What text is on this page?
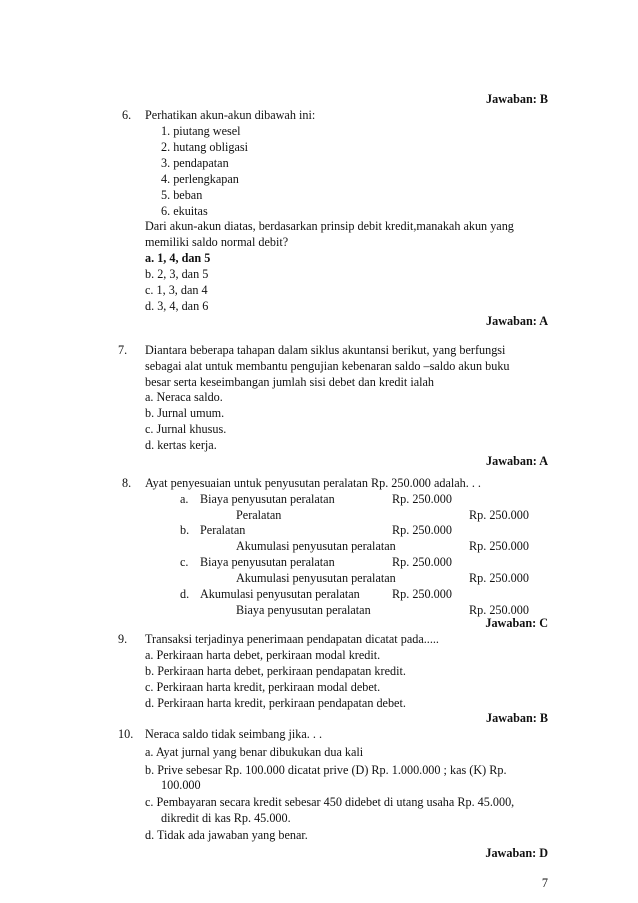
Jawaban: B
6. Perhatikan akun-akun dibawah ini:
1. piutang wesel
2. hutang obligasi
3. pendapatan
4. perlengkapan
5. beban
6. ekuitas
Dari akun-akun diatas, berdasarkan prinsip debit kredit,manakah akun yang
memiliki saldo normal debit?
a. 1, 4, dan 5
b. 2, 3, dan 5
c. 1, 3, dan 4
d. 3, 4, dan 6
Jawaban: A
7. Diantara beberapa tahapan dalam siklus akuntansi berikut, yang berfungsi
sebagai alat untuk membantu pengujian kebenaran saldo –saldo akun buku
besar serta keseimbangan jumlah sisi debet dan kredit ialah
a. Neraca saldo.
b. Jurnal umum.
c. Jurnal khusus.
d. kertas kerja.
Jawaban: A
8. Ayat penyesuaian untuk penyusutan peralatan Rp. 250.000 adalah. . .
a. Biaya penyusutan peralatan	Rp. 250.000
Peralatan	Rp. 250.000
b. Peralatan	Rp. 250.000
Akumulasi penyusutan peralatan	Rp. 250.000
c. Biaya penyusutan peralatan	Rp. 250.000
Akumulasi penyusutan peralatan	Rp. 250.000
d. Akumulasi penyusutan peralatan	Rp. 250.000
Biaya penyusutan peralatan	Rp. 250.000
Jawaban: C
9. Transaksi terjadinya penerimaan pendapatan dicatat pada.....
a. Perkiraan harta debet, perkiraan modal kredit.
b. Perkiraan harta debet, perkiraan pendapatan kredit.
c. Perkiraan harta kredit, perkiraan modal debet.
d. Perkiraan harta kredit, perkiraan pendapatan debet.
Jawaban: B
10. Neraca saldo tidak seimbang jika. . .
a. Ayat jurnal yang benar dibukukan dua kali
b. Prive sebesar Rp. 100.000 dicatat prive (D) Rp. 1.000.000 ; kas (K) Rp.
100.000
c. Pembayaran secara kredit sebesar 450 didebet di utang usaha Rp. 45.000,
dikredit di kas Rp. 45.000.
d. Tidak ada jawaban yang benar.
Jawaban: D
7
